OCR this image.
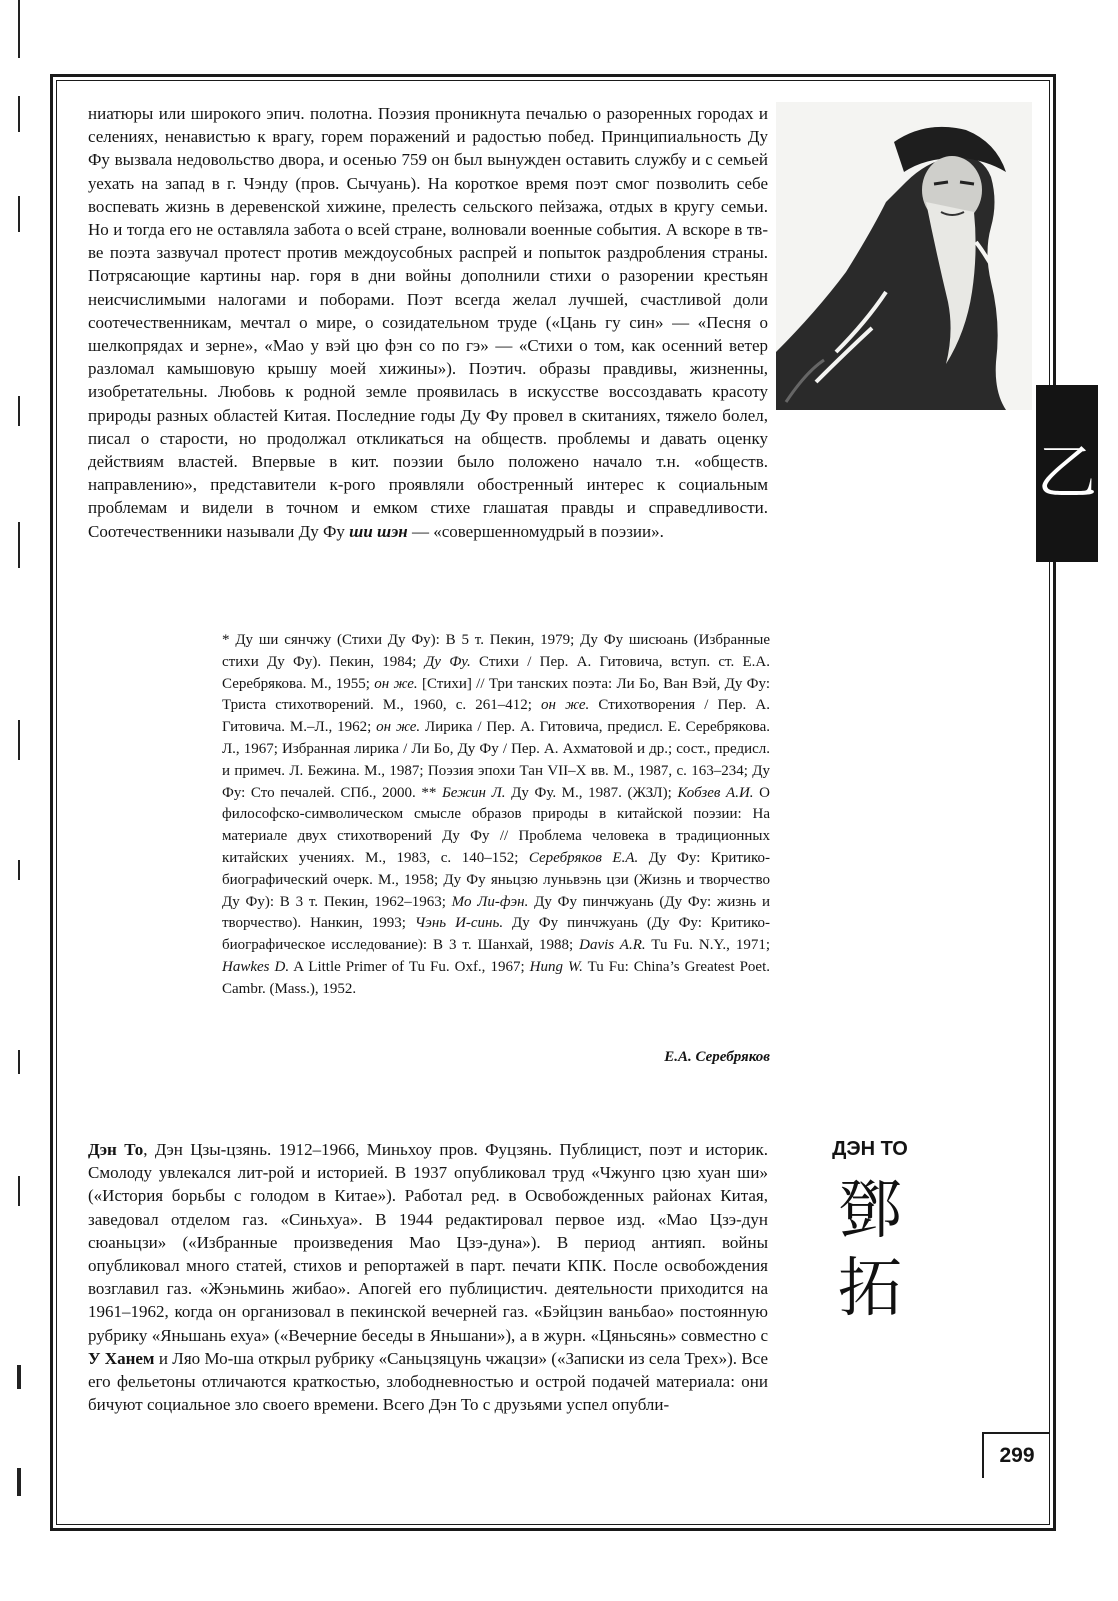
ниатюры или широкого эпич. полотна. Поэзия проникнута печалью о разоренных городах и селениях, ненавистью к врагу, горем поражений и радостью побед. Принципиальность Ду Фу вызвала недовольство двора, и осенью 759 он был вынужден оставить службу и с семьей уехать на запад в г. Чэнду (пров. Сычуань). На короткое время поэт смог позволить себе воспевать жизнь в деревенской хижине, прелесть сельского пейзажа, отдых в кругу семьи. Но и тогда его не оставляла забота о всей стране, волновали военные события. А вскоре в тв-ве поэта зазвучал протест против междоусобных распрей и попыток раздробления страны. Потрясающие картины нар. горя в дни войны дополнили стихи о разорении крестьян неисчислимыми налогами и поборами. Поэт всегда желал лучшей, счастливой доли соотечественникам, мечтал о мире, о созидательном труде («Цань гу син» — «Песня о шелкопрядах и зерне», «Мао у вэй цю фэн со по гэ» — «Стихи о том, как осенний ветер разломал камышовую крышу моей хижины»). Поэтич. образы правдивы, жизненны, изобретательны. Любовь к родной земле проявилась в искусстве воссоздавать красоту природы разных областей Китая. Последние годы Ду Фу провел в скитаниях, тяжело болел, писал о старости, но продолжал откликаться на обществ. проблемы и давать оценку действиям властей. Впервые в кит. поэзии было положено начало т.н. «обществ. направлению», представители к-рого проявляли обостренный интерес к социальным проблемам и видели в точном и емком стихе глашатая правды и справедливости. Соотечественники называли Ду Фу ши шэн — «совершенномудрый в поэзии».

* Ду ши сянчжу (Стихи Ду Фу): В 5 т. Пекин, 1979; Ду Фу шисюань (Избранные стихи Ду Фу). Пекин, 1984; Ду Фу. Стихи / Пер. А. Гитовича, вступ. ст. Е.А. Серебрякова. М., 1955; он же. [Стихи] // Три танских поэта: Ли Бо, Ван Вэй, Ду Фу: Триста стихотворений. М., 1960, с. 261–412; он же. Стихотворения / Пер. А. Гитовича. М.–Л., 1962; он же. Лирика / Пер. А. Гитовича, предисл. Е. Серебрякова. Л., 1967; Избранная лирика / Ли Бо, Ду Фу / Пер. А. Ахматовой и др.; сост., предисл. и примеч. Л. Бежина. М., 1987; Поэзия эпохи Тан VII–X вв. М., 1987, с. 163–234; Ду Фу: Сто печалей. СПб., 2000. ** Бежин Л. Ду Фу. М., 1987. (ЖЗЛ); Кобзев А.И. О философско-символическом смысле образов природы в китайской поэзии: На материале двух стихотворений Ду Фу // Проблема человека в традиционных китайских учениях. М., 1983, с. 140–152; Серебряков Е.А. Ду Фу: Критико-биографический очерк. М., 1958; Ду Фу яньцзю луньвэнь цзи (Жизнь и творчество Ду Фу): В 3 т. Пекин, 1962–1963; Мо Ли-фэн. Ду Фу пинчжуань (Ду Фу: жизнь и творчество). Нанкин, 1993; Чэнь И-синь. Ду Фу пинчжуань (Ду Фу: Критико-биографическое исследование): В 3 т. Шанхай, 1988; Davis A.R. Tu Fu. N.Y., 1971; Hawkes D. A Little Primer of Tu Fu. Oxf., 1967; Hung W. Tu Fu: China’s Greatest Poet. Cambr. (Mass.), 1952.

Е.А. Серебряков
乙

Дэн То, Дэн Цзы-цзянь. 1912–1966, Миньхоу пров. Фуцзянь. Публицист, поэт и историк. Смолоду увлекался лит-рой и историей. В 1937 опубликовал труд «Чжунго цзю хуан ши» («История борьбы с голодом в Китае»). Работал ред. в Освобожденных районах Китая, заведовал отделом газ. «Синьхуа». В 1944 редактировал первое изд. «Мао Цзэ-дун сюаньцзи» («Избранные произведения Мао Цзэ-дуна»). В период антияп. войны опубликовал много статей, стихов и репортажей в парт. печати КПК. После освобождения возглавил газ. «Жэньминь жибао». Апогей его публицистич. деятельности приходится на 1961–1962, когда он организовал в пекинской вечерней газ. «Бэйцзин ваньбао» постоянную рубрику «Яньшань ехуа» («Вечерние беседы в Яньшани»), а в журн. «Цяньсянь» совместно с У Ханем и Ляо Мо-ша открыл рубрику «Саньцзяцунь чжацзи» («Записки из села Трех»). Все его фельетоны отличаются краткостью, злободневностью и острой подачей материала: они бичуют социальное зло своего времени. Всего Дэн То с друзьями успел опубли-

ДЭН ТО
鄧
拓
299
